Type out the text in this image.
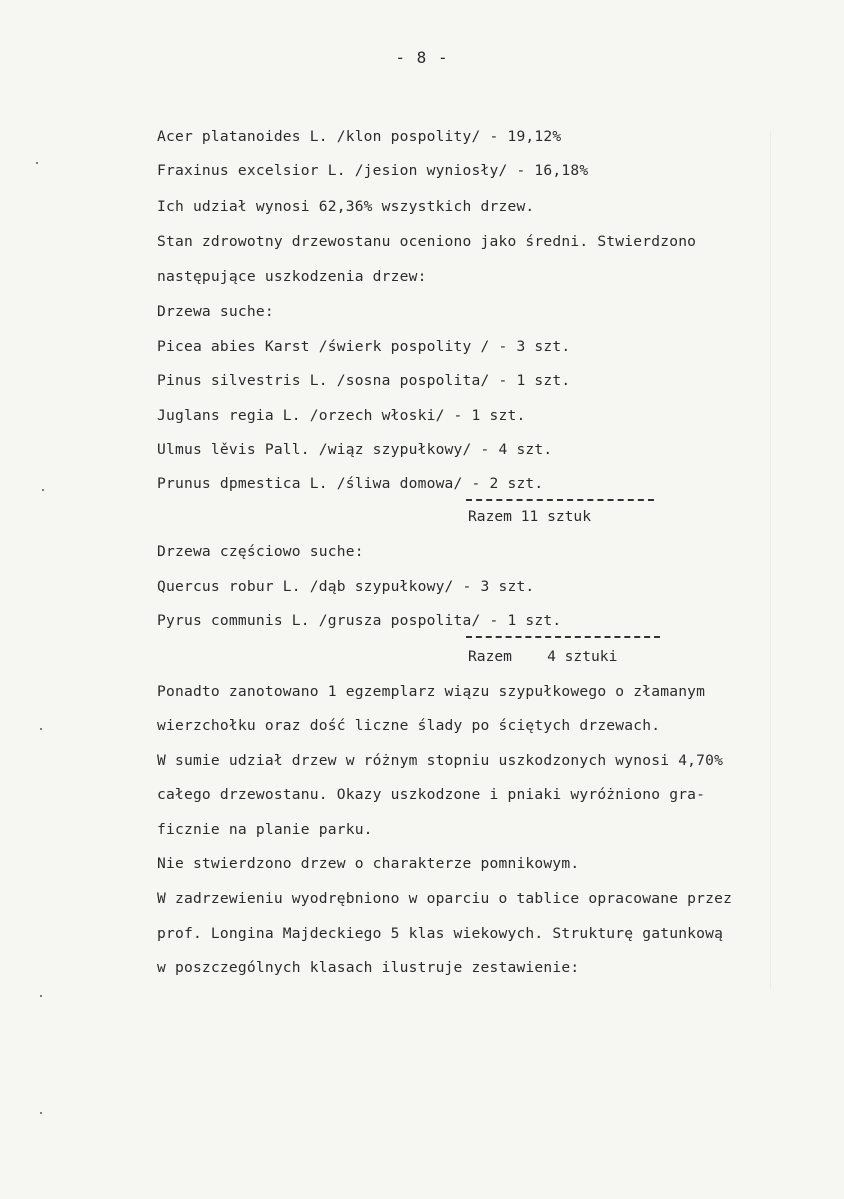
- 8 -
Acer platanoides L. /klon pospolity/ - 19,12%
Fraxinus excelsior L. /jesion wyniosły/ - 16,18%
Ich udział wynosi 62,36% wszystkich drzew.
Stan zdrowotny drzewostanu oceniono jako średni. Stwierdzono
następujące uszkodzenia drzew:
Drzewa suche:
Picea abies Karst /świerk pospolity / - 3 szt.
Pinus silvestris L. /sosna pospolita/ - 1 szt.
Juglans regia L. /orzech włoski/ - 1 szt.
Ulmus lěvis Pall. /wiąz szypułkowy/ - 4 szt.
Prunus dpmestica L. /śliwa domowa/ - 2 szt.
Razem 11 sztuk
Drzewa częściowo suche:
Quercus robur L. /dąb szypułkowy/ - 3 szt.
Pyrus communis L. /grusza pospolita/ - 1 szt.
Razem    4 sztuki
Ponadto zanotowano 1 egzemplarz wiązu szypułkowego o złamanym
wierzchołku oraz dość liczne ślady po ściętych drzewach.
W sumie udział drzew w różnym stopniu uszkodzonych wynosi 4,70%
całego drzewostanu. Okazy uszkodzone i pniaki wyróżniono gra-
ficznie na planie parku.
Nie stwierdzono drzew o charakterze pomnikowym.
W zadrzewieniu wyodrębniono w oparciu o tablice opracowane przez
prof. Longina Majdeckiego 5 klas wiekowych. Strukturę gatunkową
w poszczególnych klasach ilustruje zestawienie:
